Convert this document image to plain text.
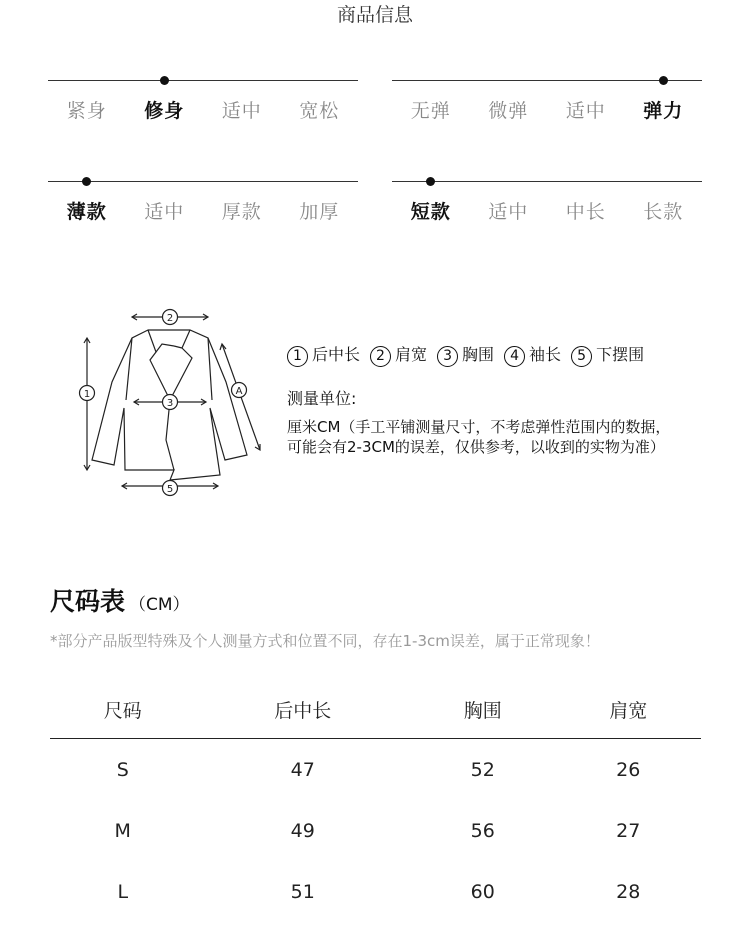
商品信息
紧身	修身	适中	宽松	无弹	微弹	适中	弹力
薄款	适中	厚款	加厚	短款	适中	中长	长款
1
2
3
A
5
1 后中长	2 肩宽	3 胸围	4 袖长	5 下摆围
测量单位:
厘米CM（手工平铺测量尺寸，不考虑弹性范围内的数据，
可能会有2-3CM的误差，仅供参考，以收到的实物为准）
尺码表 （CM）
*部分产品版型特殊及个人测量方式和位置不同，存在1-3cm误差，属于正常现象！
尺码	后中长	胸围	肩宽
S	47	52	26
M	49	56	27
L	51	60	28
